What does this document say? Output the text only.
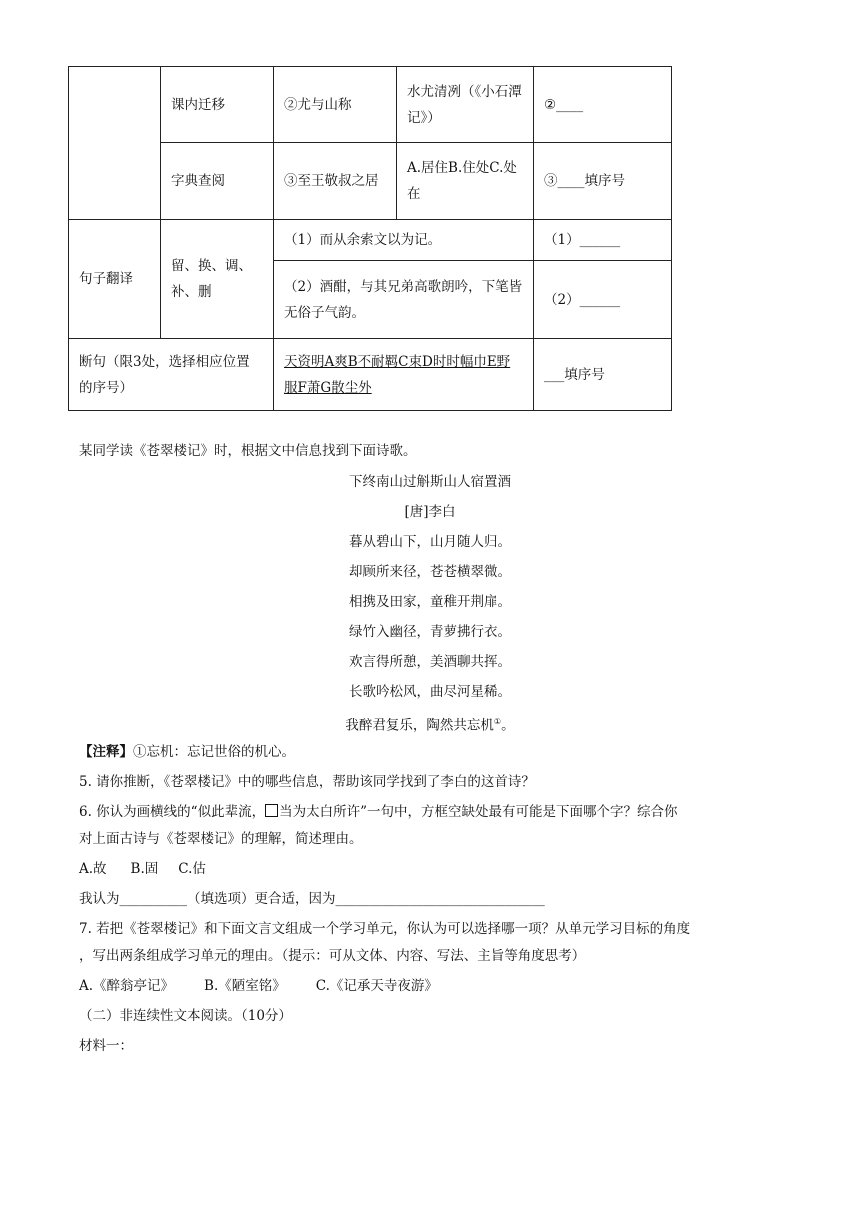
	课内迁移	②尤与山称	水尤清冽（《小石潭记》）	②____
	字典查阅	③至王敬叔之居	A.居住B.住处C.处在	③____填序号
句子翻译	留、换、调、补、删	（1）而从余索文以为记。		（1）______
		（2）酒酣，与其兄弟高歌朗吟，下笔皆无俗子气韵。		（2）______
断句（限3处，选择相应位置的序号）		天资明A爽B不耐羁C束D时时幅巾E野服F萧G散尘外		___填序号
某同学读《苍翠楼记》时，根据文中信息找到下面诗歌。
下终南山过斛斯山人宿置酒
[唐]李白
暮从碧山下，山月随人归。
却顾所来径，苍苍横翠微。
相携及田家，童稚开荆扉。
绿竹入幽径，青萝拂行衣。
欢言得所憩，美酒聊共挥。
长歌吟松风，曲尽河星稀。
我醉君复乐，陶然共忘机①。
【注释】①忘机：忘记世俗的机心。
5. 请你推断，《苍翠楼记》中的哪些信息，帮助该同学找到了李白的这首诗？
6. 你认为画横线的“似此辈流， 当为太白所许”一句中，方框空缺处最有可能是下面哪个字？综合你
对上面古诗与《苍翠楼记》的理解，简述理由。
A.故 B.固 C.估
我认为__________（填选项）更合适，因为_______________________________
7. 若把《苍翠楼记》和下面文言文组成一个学习单元，你认为可以选择哪一项？从单元学习目标的角度
，写出两条组成学习单元的理由。（提示：可从文体、内容、写法、主旨等角度思考）
A.《醉翁亭记》 B.《陋室铭》 C.《记承天寺夜游》
（二）非连续性文本阅读。（10分）
材料一：
